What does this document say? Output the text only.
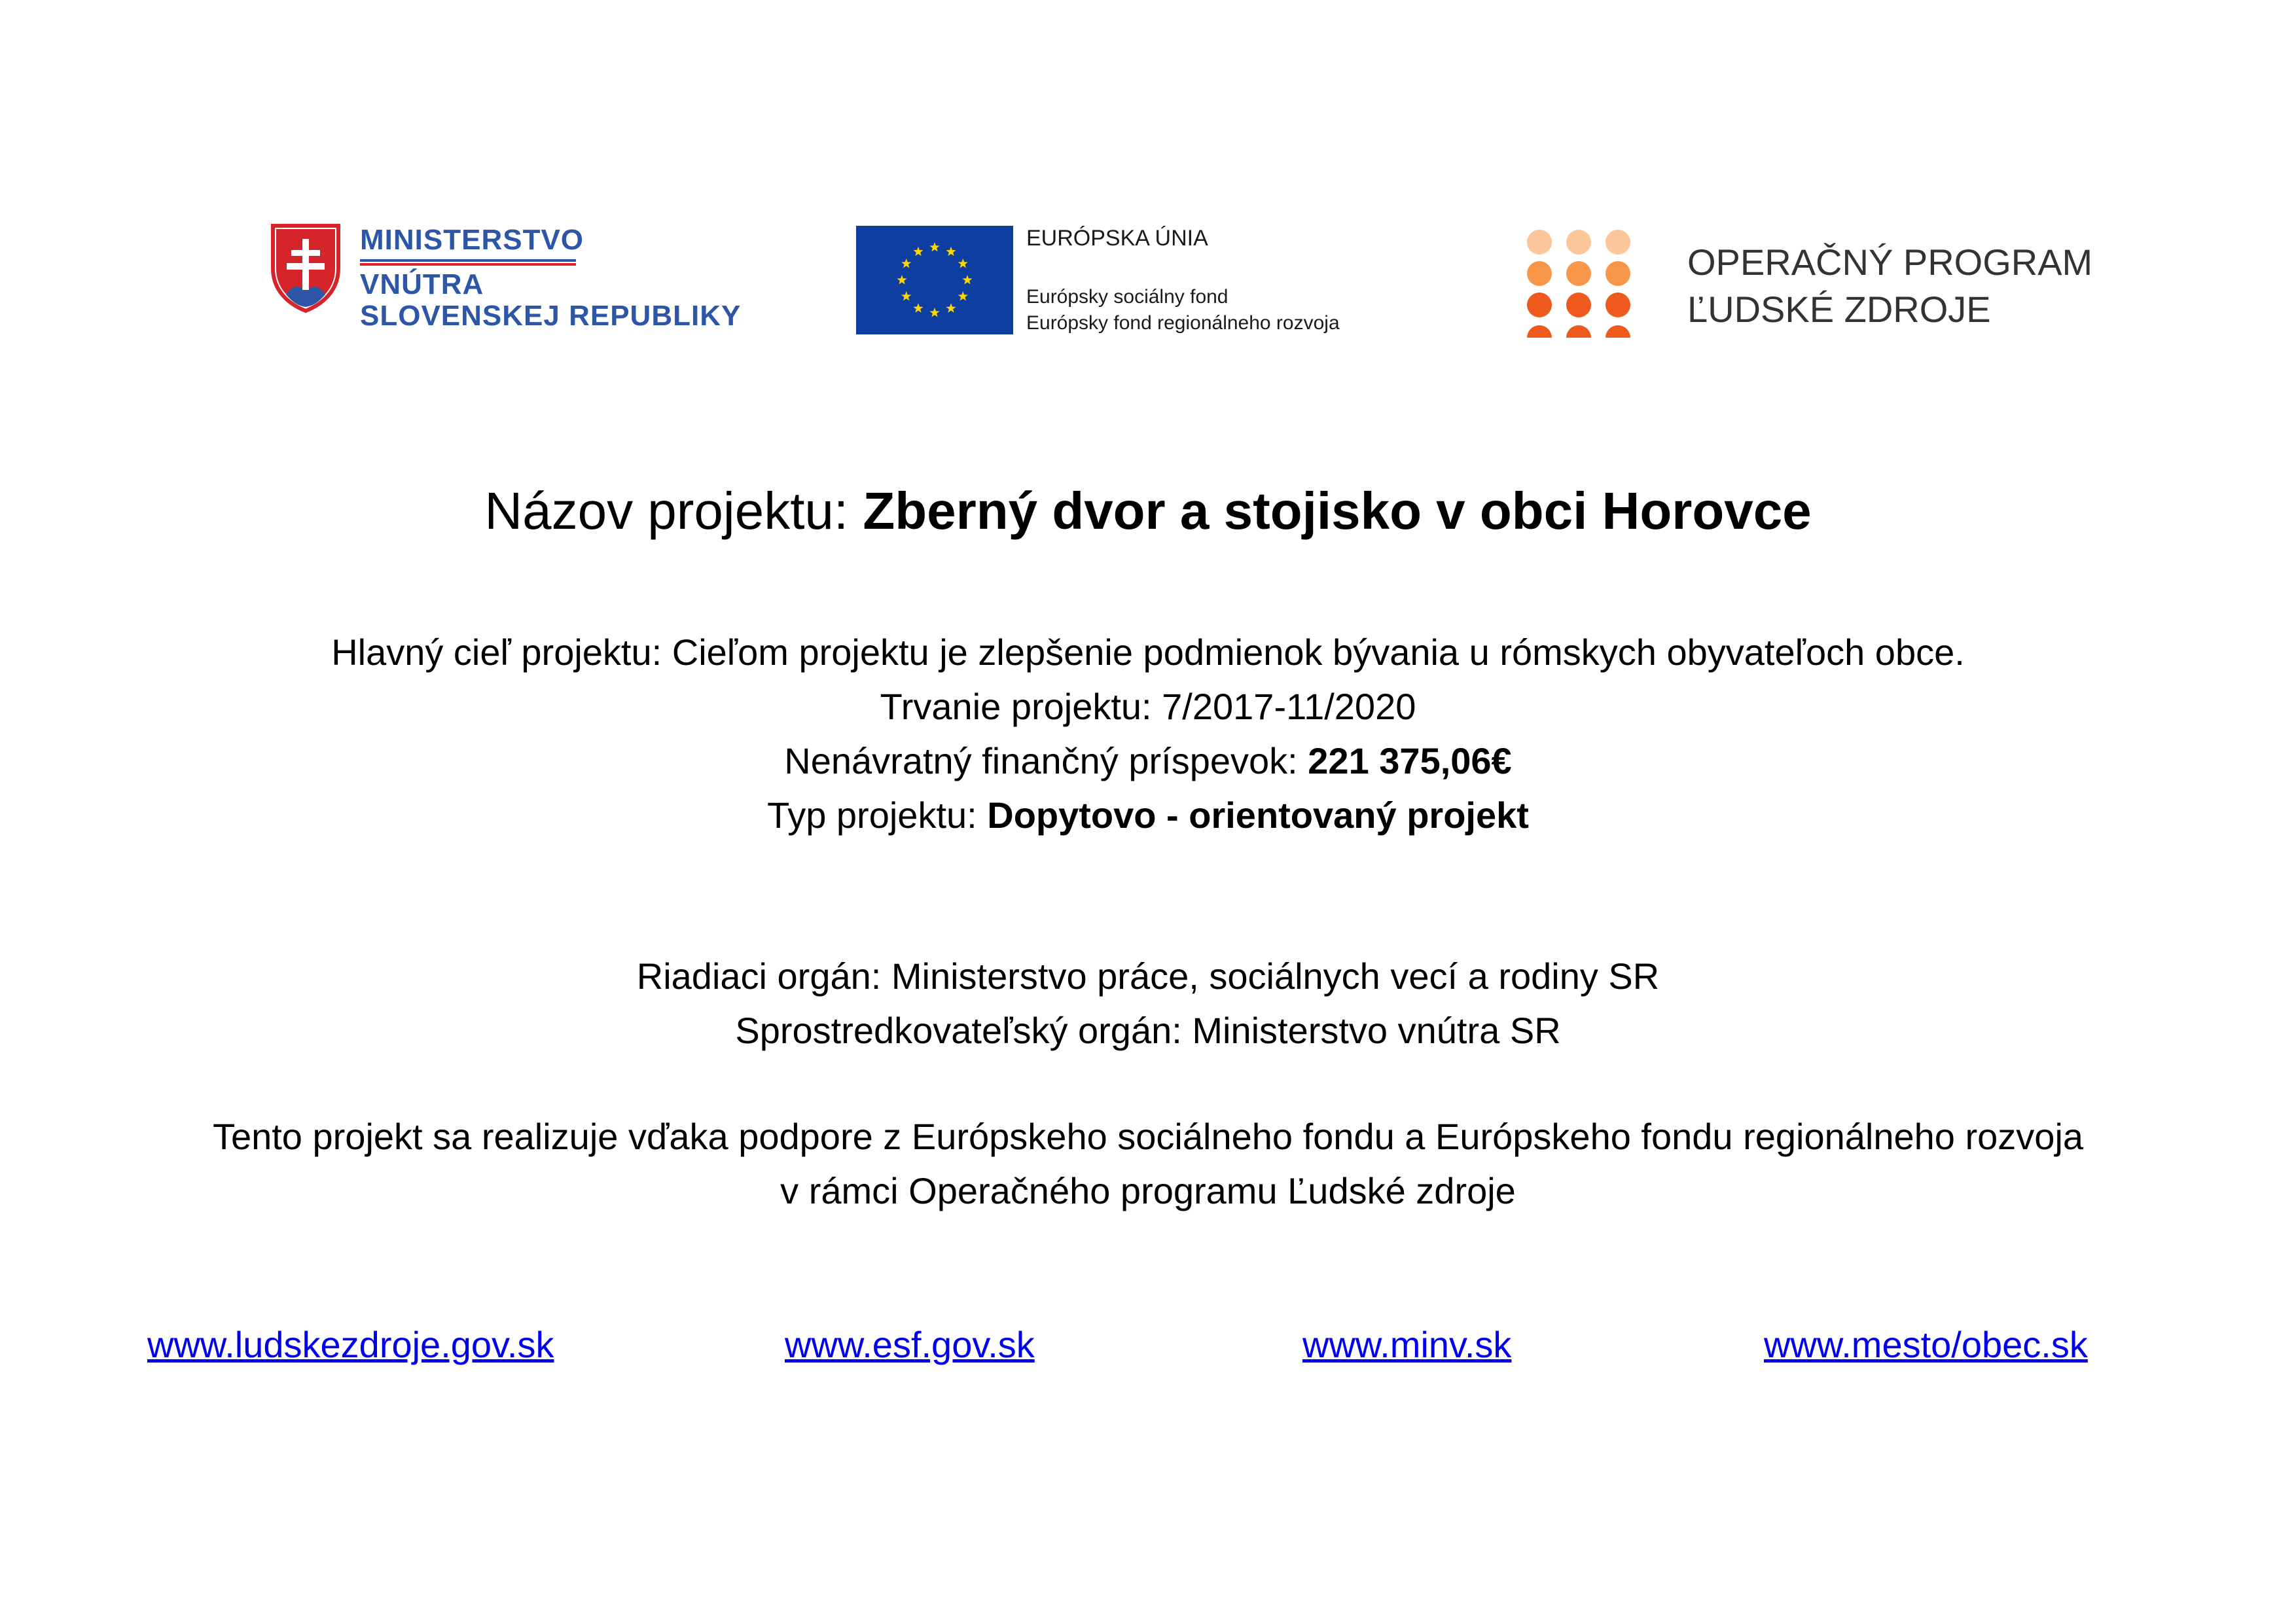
MINISTERSTVO
VNÚTRA
SLOVENSKEJ REPUBLIKY
EURÓPSKA ÚNIA
Európsky sociálny fond
Európsky fond regionálneho rozvoja
OPERAČNÝ PROGRAM
ĽUDSKÉ ZDROJE
Názov projektu: Zberný dvor a stojisko v obci Horovce
Hlavný cieľ projektu: Cieľom projektu je zlepšenie podmienok bývania u rómskych obyvateľoch obce.
Trvanie projektu: 7/2017-11/2020
Nenávratný finančný príspevok: 221 375,06€
Typ projektu: Dopytovo - orientovaný projekt
Riadiaci orgán: Ministerstvo práce, sociálnych vecí a rodiny SR
Sprostredkovateľský orgán: Ministerstvo vnútra SR
Tento projekt sa realizuje vďaka podpore z Európskeho sociálneho fondu a Európskeho fondu regionálneho rozvoja
v rámci Operačného programu Ľudské zdroje
www.ludskezdroje.gov.sk	www.esf.gov.sk	www.minv.sk	www.mesto/obec.sk
